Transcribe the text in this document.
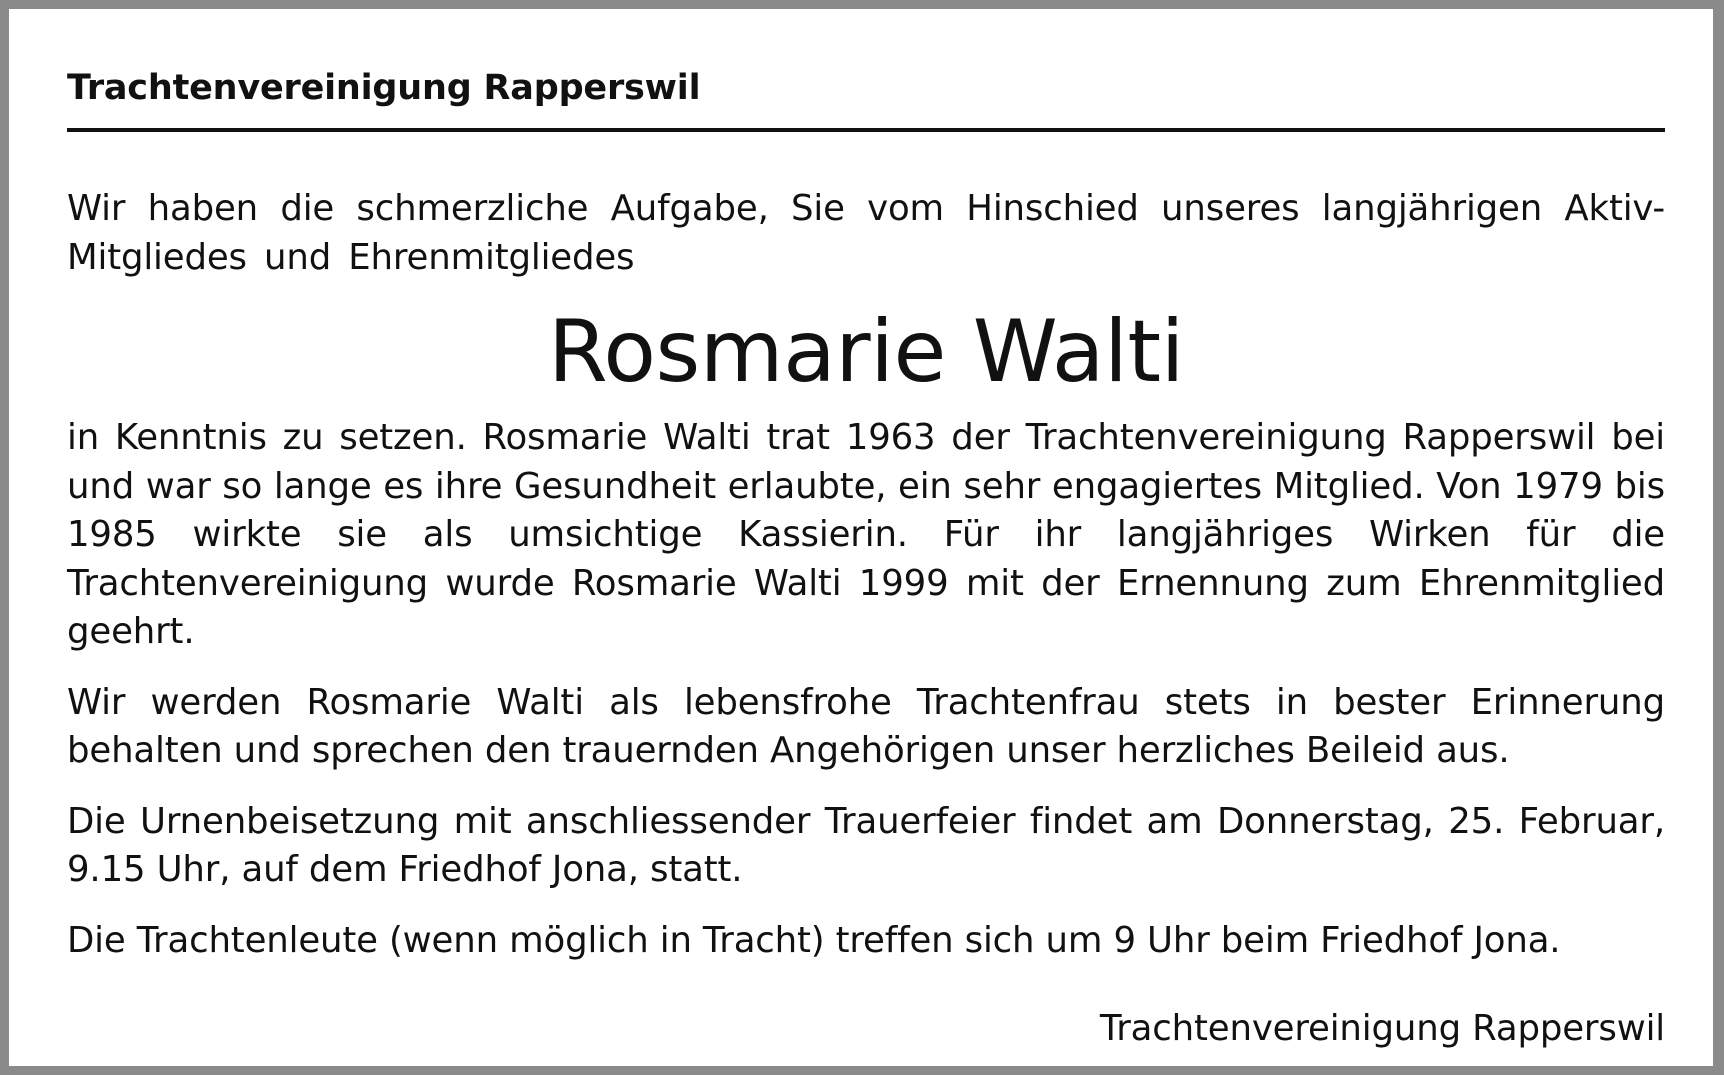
Trachtenvereinigung Rapperswil

Wir haben die schmerzliche Aufgabe, Sie vom Hinschied unseres langjährigen Aktiv-Mitgliedes und Ehrenmitgliedes

Rosmarie Walti

in Kenntnis zu setzen. Rosmarie Walti trat 1963 der Trachtenvereinigung Rapperswil bei und war so lange es ihre Gesundheit erlaubte, ein sehr engagiertes Mitglied. Von 1979 bis 1985 wirkte sie als umsichtige Kassierin. Für ihr langjähriges Wirken für die Trachtenvereinigung wurde Rosmarie Walti 1999 mit der Ernennung zum Ehrenmitglied geehrt.

Wir werden Rosmarie Walti als lebensfrohe Trachtenfrau stets in bester Erinnerung behalten und sprechen den trauernden Angehörigen unser herzliches Beileid aus.

Die Urnenbeisetzung mit anschliessender Trauerfeier findet am Donnerstag, 25. Februar, 9.15 Uhr, auf dem Friedhof Jona, statt.

Die Trachtenleute (wenn möglich in Tracht) treffen sich um 9 Uhr beim Friedhof Jona.

Trachtenvereinigung Rapperswil
